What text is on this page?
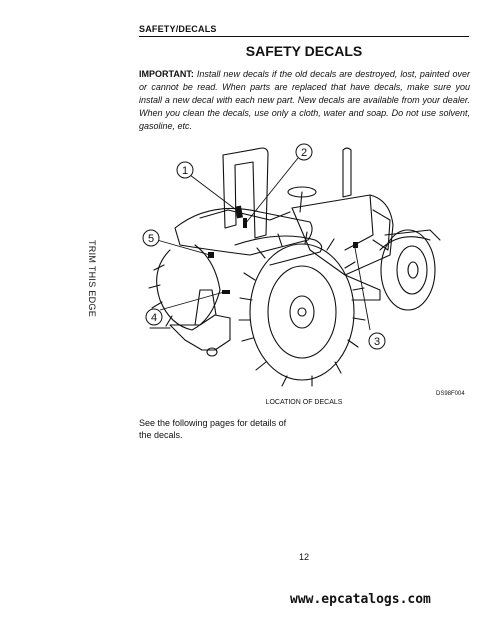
SAFETY/DECALS
SAFETY DECALS
IMPORTANT: Install new decals if the old decals are destroyed, lost, painted over or cannot be read. When parts are replaced that have decals, make sure you install a new decal with each new part. New decals are available from your dealer. When you clean the decals, use only a cloth, water and soap. Do not use solvent, gasoline, etc.
TRIM THIS EDGE
1
2
3
4
5
DS98F004
LOCATION OF DECALS
See the following pages for details of the decals.
12
www.epcatalogs.com
